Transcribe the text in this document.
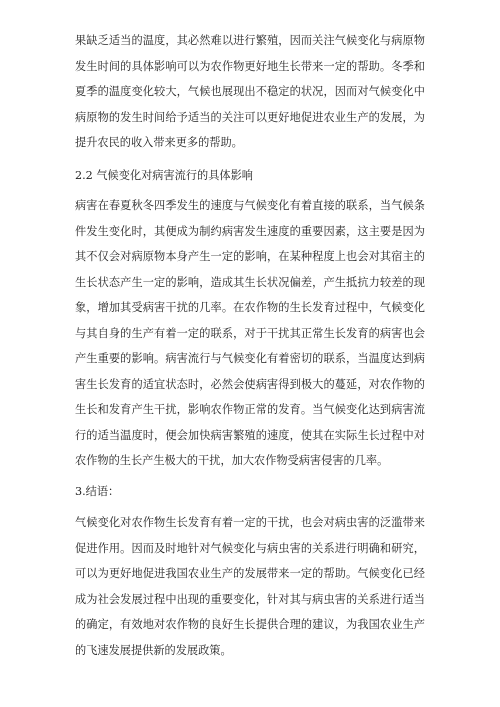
果缺乏适当的温度，其必然难以进行繁殖，因而关注气候变化与病原物发生时间的具体影响可以为农作物更好地生长带来一定的帮助。冬季和夏季的温度变化较大，气候也展现出不稳定的状况，因而对气候变化中病原物的发生时间给予适当的关注可以更好地促进农业生产的发展，为提升农民的收入带来更多的帮助。

2.2 气候变化对病害流行的具体影响

病害在春夏秋冬四季发生的速度与气候变化有着直接的联系，当气候条件发生变化时，其便成为制约病害发生速度的重要因素，这主要是因为其不仅会对病原物本身产生一定的影响，在某种程度上也会对其宿主的生长状态产生一定的影响，造成其生长状况偏差，产生抵抗力较差的现象，增加其受病害干扰的几率。在农作物的生长发育过程中，气候变化与其自身的生产有着一定的联系，对于干扰其正常生长发育的病害也会产生重要的影响。病害流行与气候变化有着密切的联系，当温度达到病害生长发育的适宜状态时，必然会使病害得到极大的蔓延，对农作物的生长和发育产生干扰，影响农作物正常的发育。当气候变化达到病害流行的适当温度时，便会加快病害繁殖的速度，使其在实际生长过程中对农作物的生长产生极大的干扰，加大农作物受病害侵害的几率。

3.结语：

气候变化对农作物生长发育有着一定的干扰，也会对病虫害的泛滥带来促进作用。因而及时地针对气候变化与病虫害的关系进行明确和研究，可以为更好地促进我国农业生产的发展带来一定的帮助。气候变化已经成为社会发展过程中出现的重要变化，针对其与病虫害的关系进行适当的确定，有效地对农作物的良好生长提供合理的建议，为我国农业生产的飞速发展提供新的发展政策。
